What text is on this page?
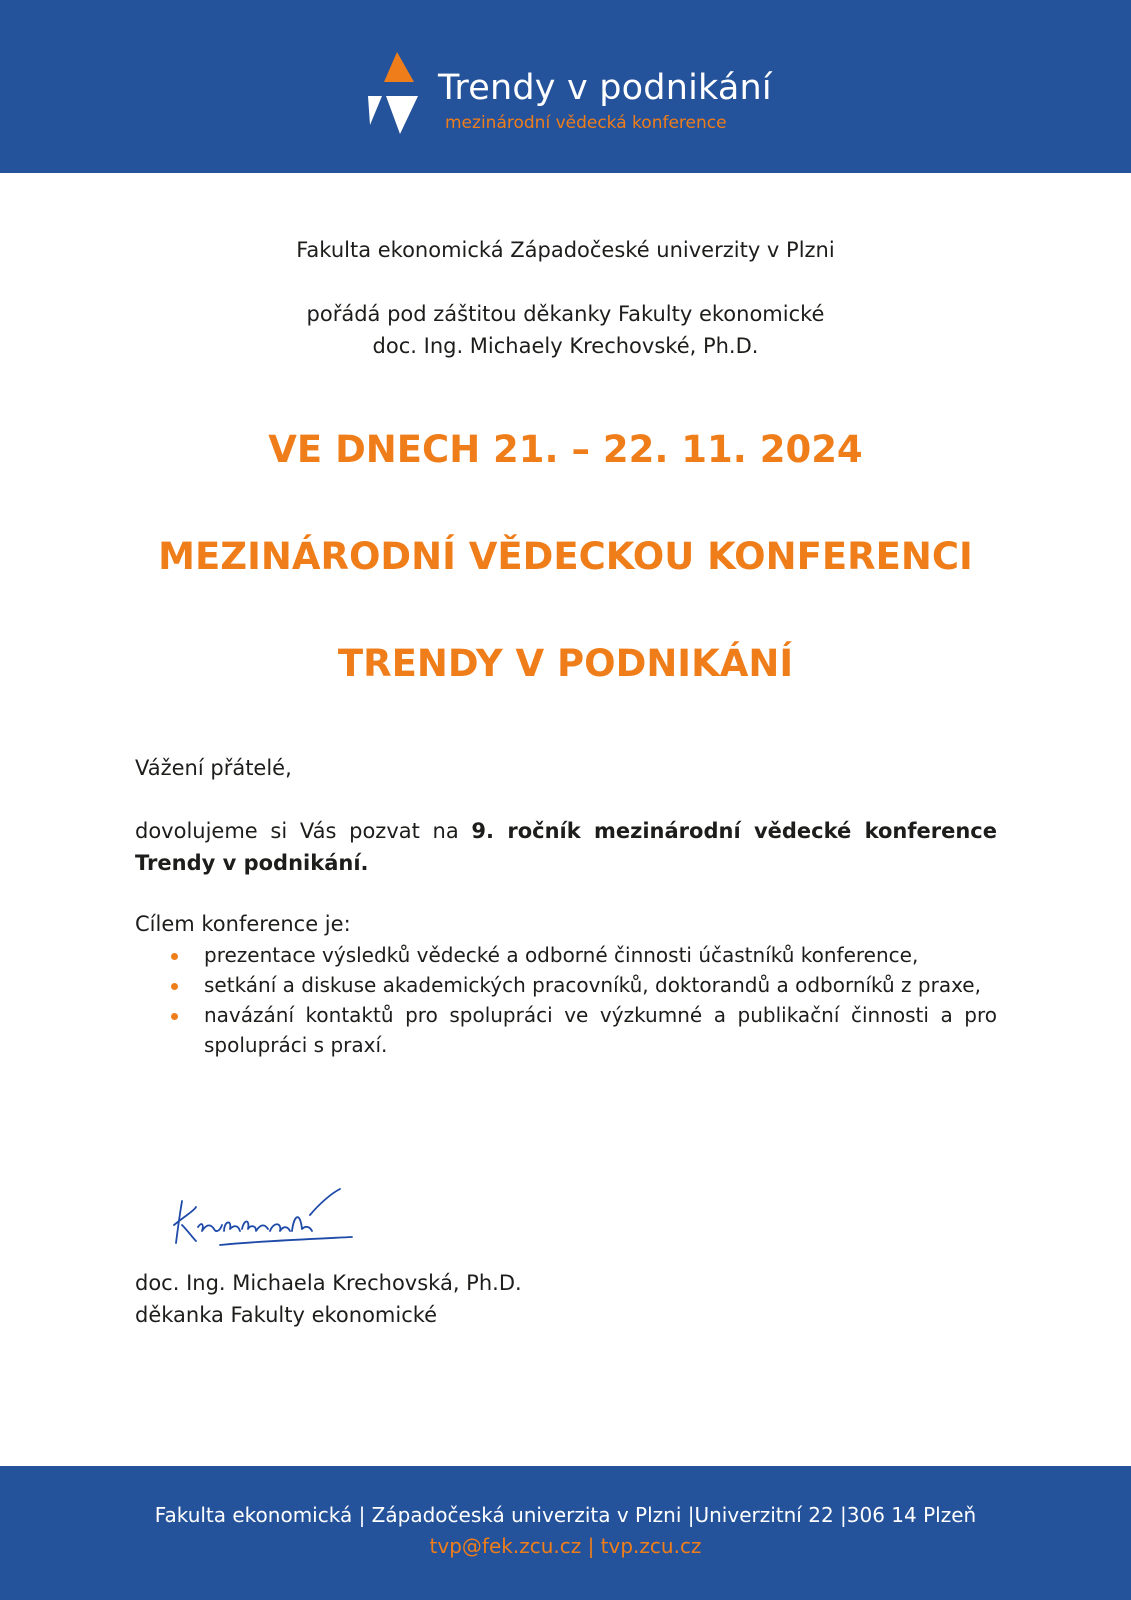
Trendy v podnikání
mezinárodní vědecká konference
Fakulta ekonomická Západočeské univerzity v Plzni
pořádá pod záštitou děkanky Fakulty ekonomické
doc. Ing. Michaely Krechovské, Ph.D.
VE DNECH 21. – 22. 11. 2024
MEZINÁRODNÍ VĚDECKOU KONFERENCI
TRENDY V PODNIKÁNÍ
Vážení přátelé,
dovolujeme si Vás pozvat na 9. ročník mezinárodní vědecké konference
Trendy v podnikání.
Cílem konference je:
prezentace výsledků vědecké a odborné činnosti účastníků konference,
setkání a diskuse akademických pracovníků, doktorandů a odborníků z praxe,
navázání kontaktů pro spolupráci ve výzkumné a publikační činnosti a pro spolupráci s praxí.
doc. Ing. Michaela Krechovská, Ph.D.
děkanka Fakulty ekonomické
Fakulta ekonomická | Západočeská univerzita v Plzni |Univerzitní 22 |306 14 Plzeň
tvp@fek.zcu.cz | tvp.zcu.cz
